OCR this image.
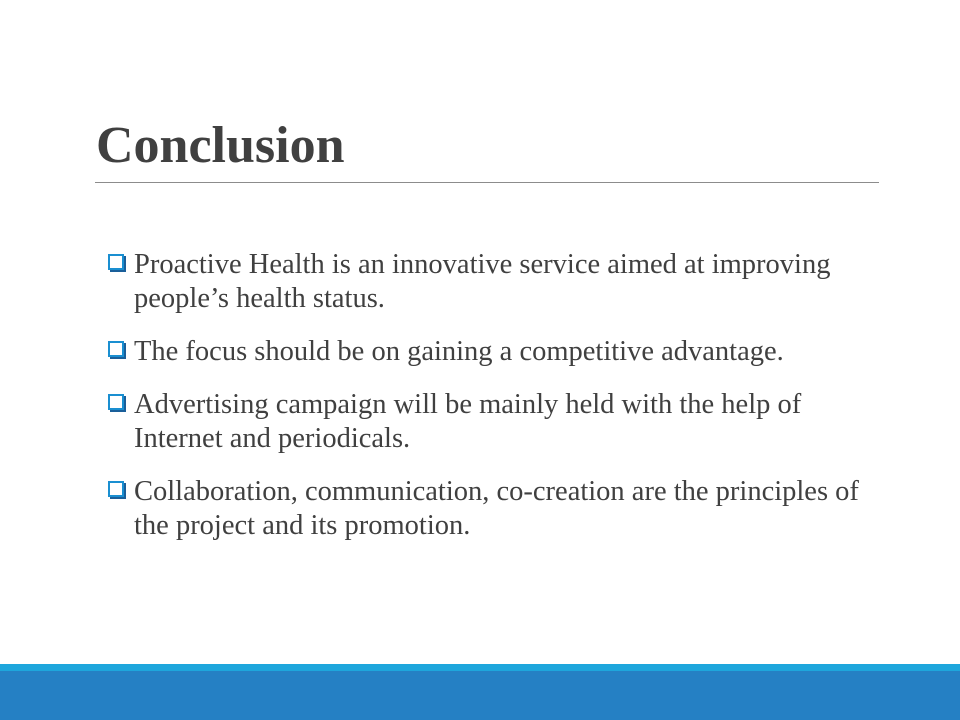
Conclusion
Proactive Health is an innovative service aimed at improving people’s health status.
The focus should be on gaining a competitive advantage.
Advertising campaign will be mainly held with the help of Internet and periodicals.
Collaboration, communication, co-creation are the principles of the project and its promotion.
